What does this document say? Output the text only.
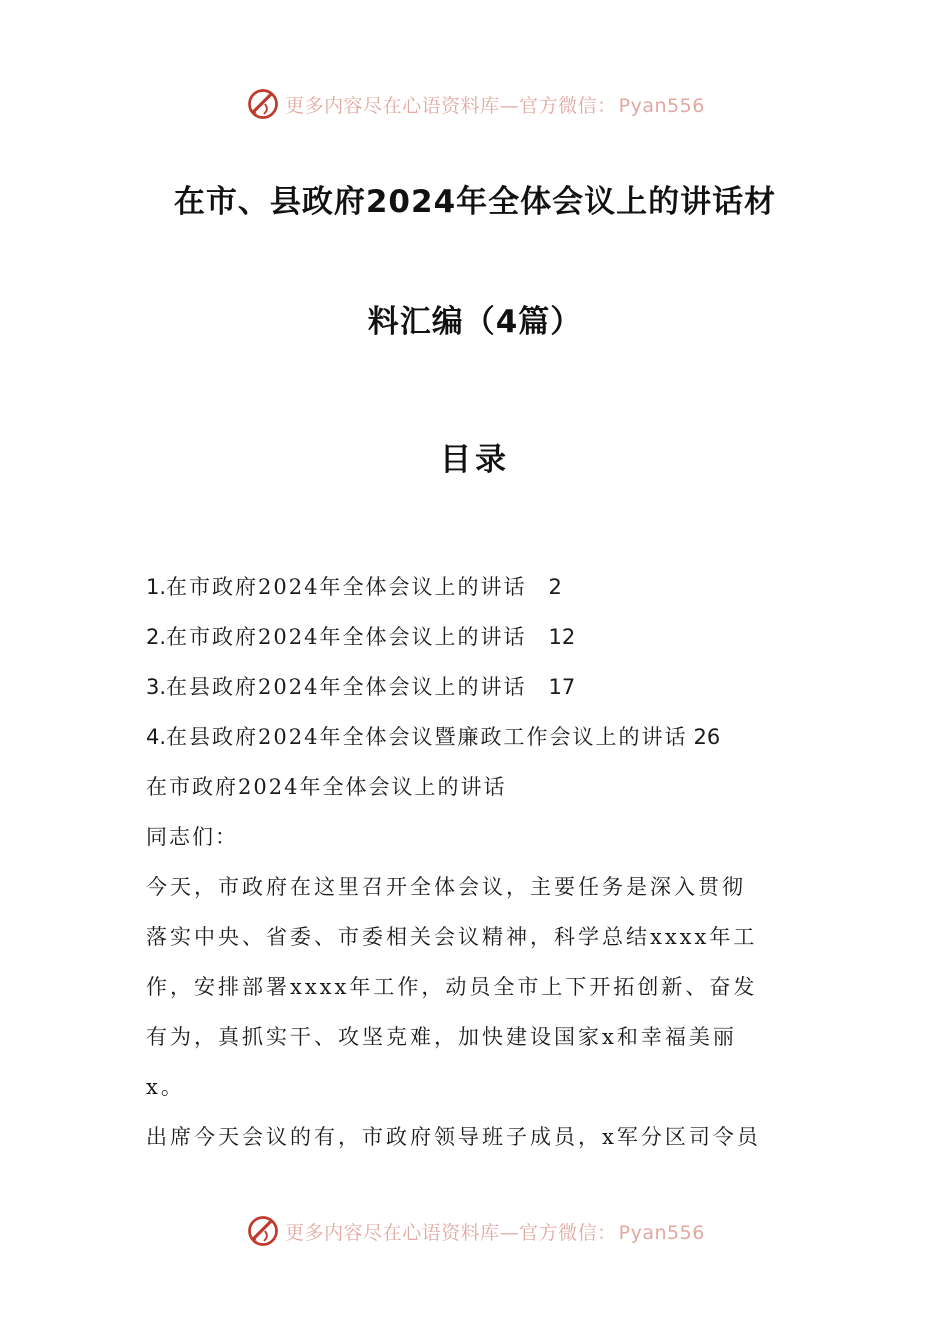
更多内容尽在心语资料库—官方微信： Pyan556
在市、县政府2024年全体会议上的讲话材
料汇编（4篇）
目录
1.在市政府2024年全体会议上的讲话 2
2.在市政府2024年全体会议上的讲话 12
3.在县政府2024年全体会议上的讲话 17
4.在县政府2024年全体会议暨廉政工作会议上的讲话 26
在市政府2024年全体会议上的讲话
同志们：
今天，市政府在这里召开全体会议，主要任务是深入贯彻
落实中央、省委、市委相关会议精神，科学总结xxxx年工
作，安排部署xxxx年工作，动员全市上下开拓创新、奋发
有为，真抓实干、攻坚克难，加快建设国家x和幸福美丽
x。
出席今天会议的有，市政府领导班子成员，x军分区司令员
更多内容尽在心语资料库—官方微信： Pyan556
